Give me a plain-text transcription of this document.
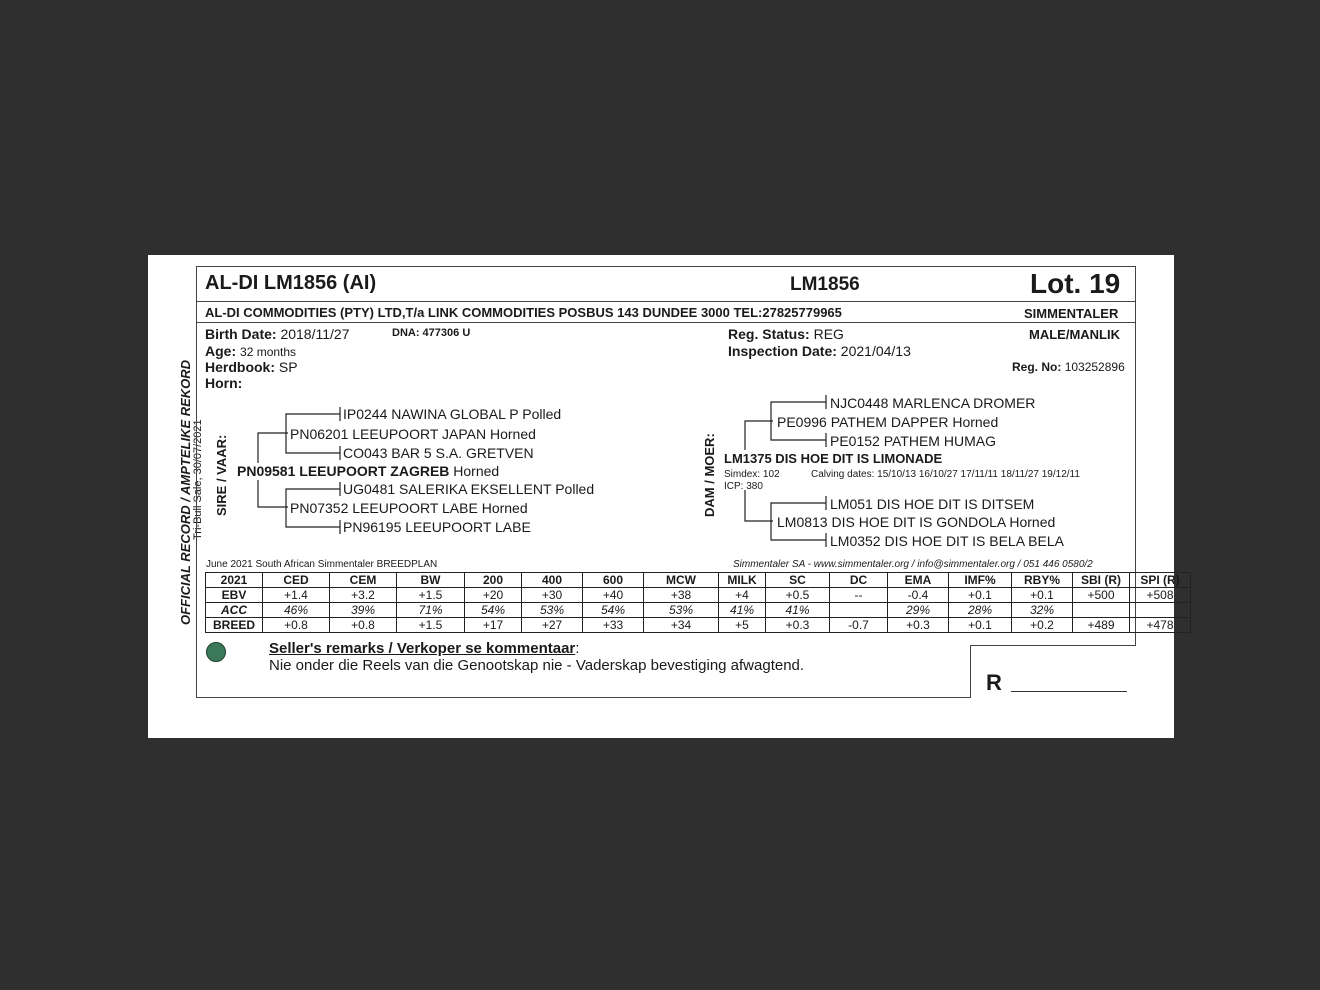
OFFICIAL RECORD / AMPTELIKE REKORD Tri-Bull Sale, 30/07/2021
AL-DI LM1856 (AI)	LM1856	Lot. 19
AL-DI COMMODITIES (PTY) LTD,T/a LINK COMMODITIES POSBUS 143 DUNDEE 3000 TEL:27825779965	SIMMENTALER
Birth Date: 2018/11/27	DNA: 477306 U
Age: 32 months
Herdbook: SP
Horn:
Reg. Status: REG
Inspection Date: 2021/04/13
MALE/MANLIK
Reg. No: 103252896
SIRE / VAAR: PN09581 LEEUPOORT ZAGREB Horned
PN06201 LEEUPOORT JAPAN Horned
IP0244 NAWINA GLOBAL P Polled
CO043 BAR 5 S.A. GRETVEN
PN07352 LEEUPOORT LABE Horned
UG0481 SALERIKA EKSELLENT Polled
PN96195 LEEUPOORT LABE
DAM / MOER: LM1375 DIS HOE DIT IS LIMONADE
Simdex: 102
ICP: 380
Calving dates: 15/10/13 16/10/27 17/11/11 18/11/27 19/12/11
PE0996 PATHEM DAPPER Horned
NJC0448 MARLENCA DROMER
PE0152 PATHEM HUMAG
LM0813 DIS HOE DIT IS GONDOLA Horned
LM051 DIS HOE DIT IS DITSEM
LM0352 DIS HOE DIT IS BELA BELA
June 2021 South African Simmentaler BREEDPLAN	Simmentaler SA - www.simmentaler.org / info@simmentaler.org / 051 446 0580/2
2021	CED	CEM	BW	200	400	600	MCW	MILK	SC	DC	EMA	IMF%	RBY%	SBI (R)	SPI (R)
EBV	+1.4	+3.2	+1.5	+20	+30	+40	+38	+4	+0.5	--	-0.4	+0.1	+0.1	+500	+508
ACC	46%	39%	71%	54%	53%	54%	53%	41%	41%		29%	28%	32%		
BREED	+0.8	+0.8	+1.5	+17	+27	+33	+34	+5	+0.3	-0.7	+0.3	+0.1	+0.2	+489	+478
Seller's remarks / Verkoper se kommentaar:
Nie onder die Reels van die Genootskap nie - Vaderskap bevestiging afwagtend.
R
